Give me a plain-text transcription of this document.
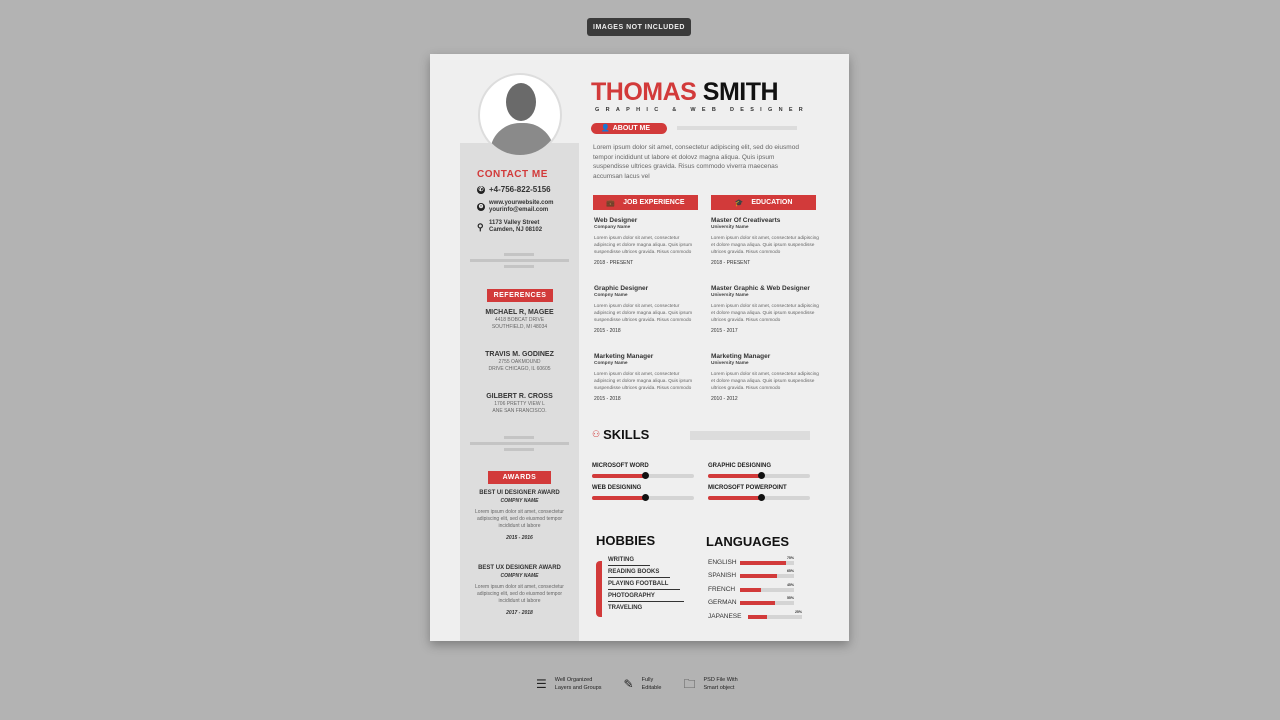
IMAGES NOT INCLUDED
CONTACT ME
✆ +4-756-822-5156
⊕
www.yourwebsite.com
yourinfo@email.com
⚲ 1173 Valley Street
Camden, NJ 08102
REFERENCES
MICHAEL R, MAGEE
4418 BOBCAT DRIVE
SOUTHFIELD, MI 48034
TRAVIS M. GODINEZ
2755 OAKMOUND
DRIVE CHICAGO, IL 60605
GILBERT R. CROSS
1706 PRETTY VIEW L
ANE SAN FRANCISCO.
AWARDS
BEST UI DESIGNER AWARD
COMPNY NAME
Lorem ipsum dolor sit amet, consectetur adipiscing elit, sed do eiusmod tempor incididunt ut labore
2015 - 2016
BEST UX DESIGNER AWARD
COMPNY NAME
Lorem ipsum dolor sit amet, consectetur adipiscing elit, sed do eiusmod tempor incididunt ut labore
2017 - 2018
THOMAS SMITH
GRAPHIC & WEB DESIGNER
👤 ABOUT ME
Lorem ipsum dolor sit amet, consectetur adipiscing elit, sed do eiusmod tempor incididunt ut labore et dolovz magna aliqua. Quis ipsum suspendisse ultrices gravida. Risus commodo viverra maecenas accumsan lacus vel
💼 JOB EXPERIENCE	🎓 EDUCATION
Web Designer
Company Name
Lorem ipsum dolor sit amet, consectetur adipiscing et dolore magna aliqua. Quis ipsum suspendisse ultrices gravida. Risus commodo
2018 - PRESENT
Graphic Designer
Compny Name
Lorem ipsum dolor sit amet, consectetur adipiscing et dolore magna aliqua. Quis ipsum suspendisse ultrices gravida. Risus commodo
2015 - 2018
Marketing Manager
Compny Name
Lorem ipsum dolor sit amet, consectetur adipiscing et dolore magna aliqua. Quis ipsum suspendisse ultrices gravida. Risus commodo
2015 - 2018
Master Of Creativearts
University Name
Lorem ipsum dolor sit amet, consectetur adipiscing et dolore magna aliqua. Quis ipsum suspendisse ultrices gravida. Risus commodo
2018 - PRESENT
Master Graphic & Web Designer
University Name
Lorem ipsum dolor sit amet, consectetur adipiscing et dolore magna aliqua. Quis ipsum suspendisse ultrices gravida. Risus commodo
2015 - 2017
Marketing Manager
University Name
Lorem ipsum dolor sit amet, consectetur adipiscing et dolore magna aliqua. Quis ipsum suspendisse ultrices gravida. Risus commodo
2010 - 2012
⚇ SKILLS
MICROSOFT WORD	GRAPHIC DESIGNING
WEB DESIGNING	MICROSOFT POWERPOINT
HOBBIES
WRITING
READING BOOKS
PLAYING FOOTBALL
PHOTOGRAPHY
TRAVELING
LANGUAGES
ENGLISH
75%
SPANISH
65%
FRENCH
45%
GERMAN
55%
JAPANESE
25%
☰ Well Organized
Layers and Groups ✎ Fully
Editable 🗀 PSD File With
Smart object
